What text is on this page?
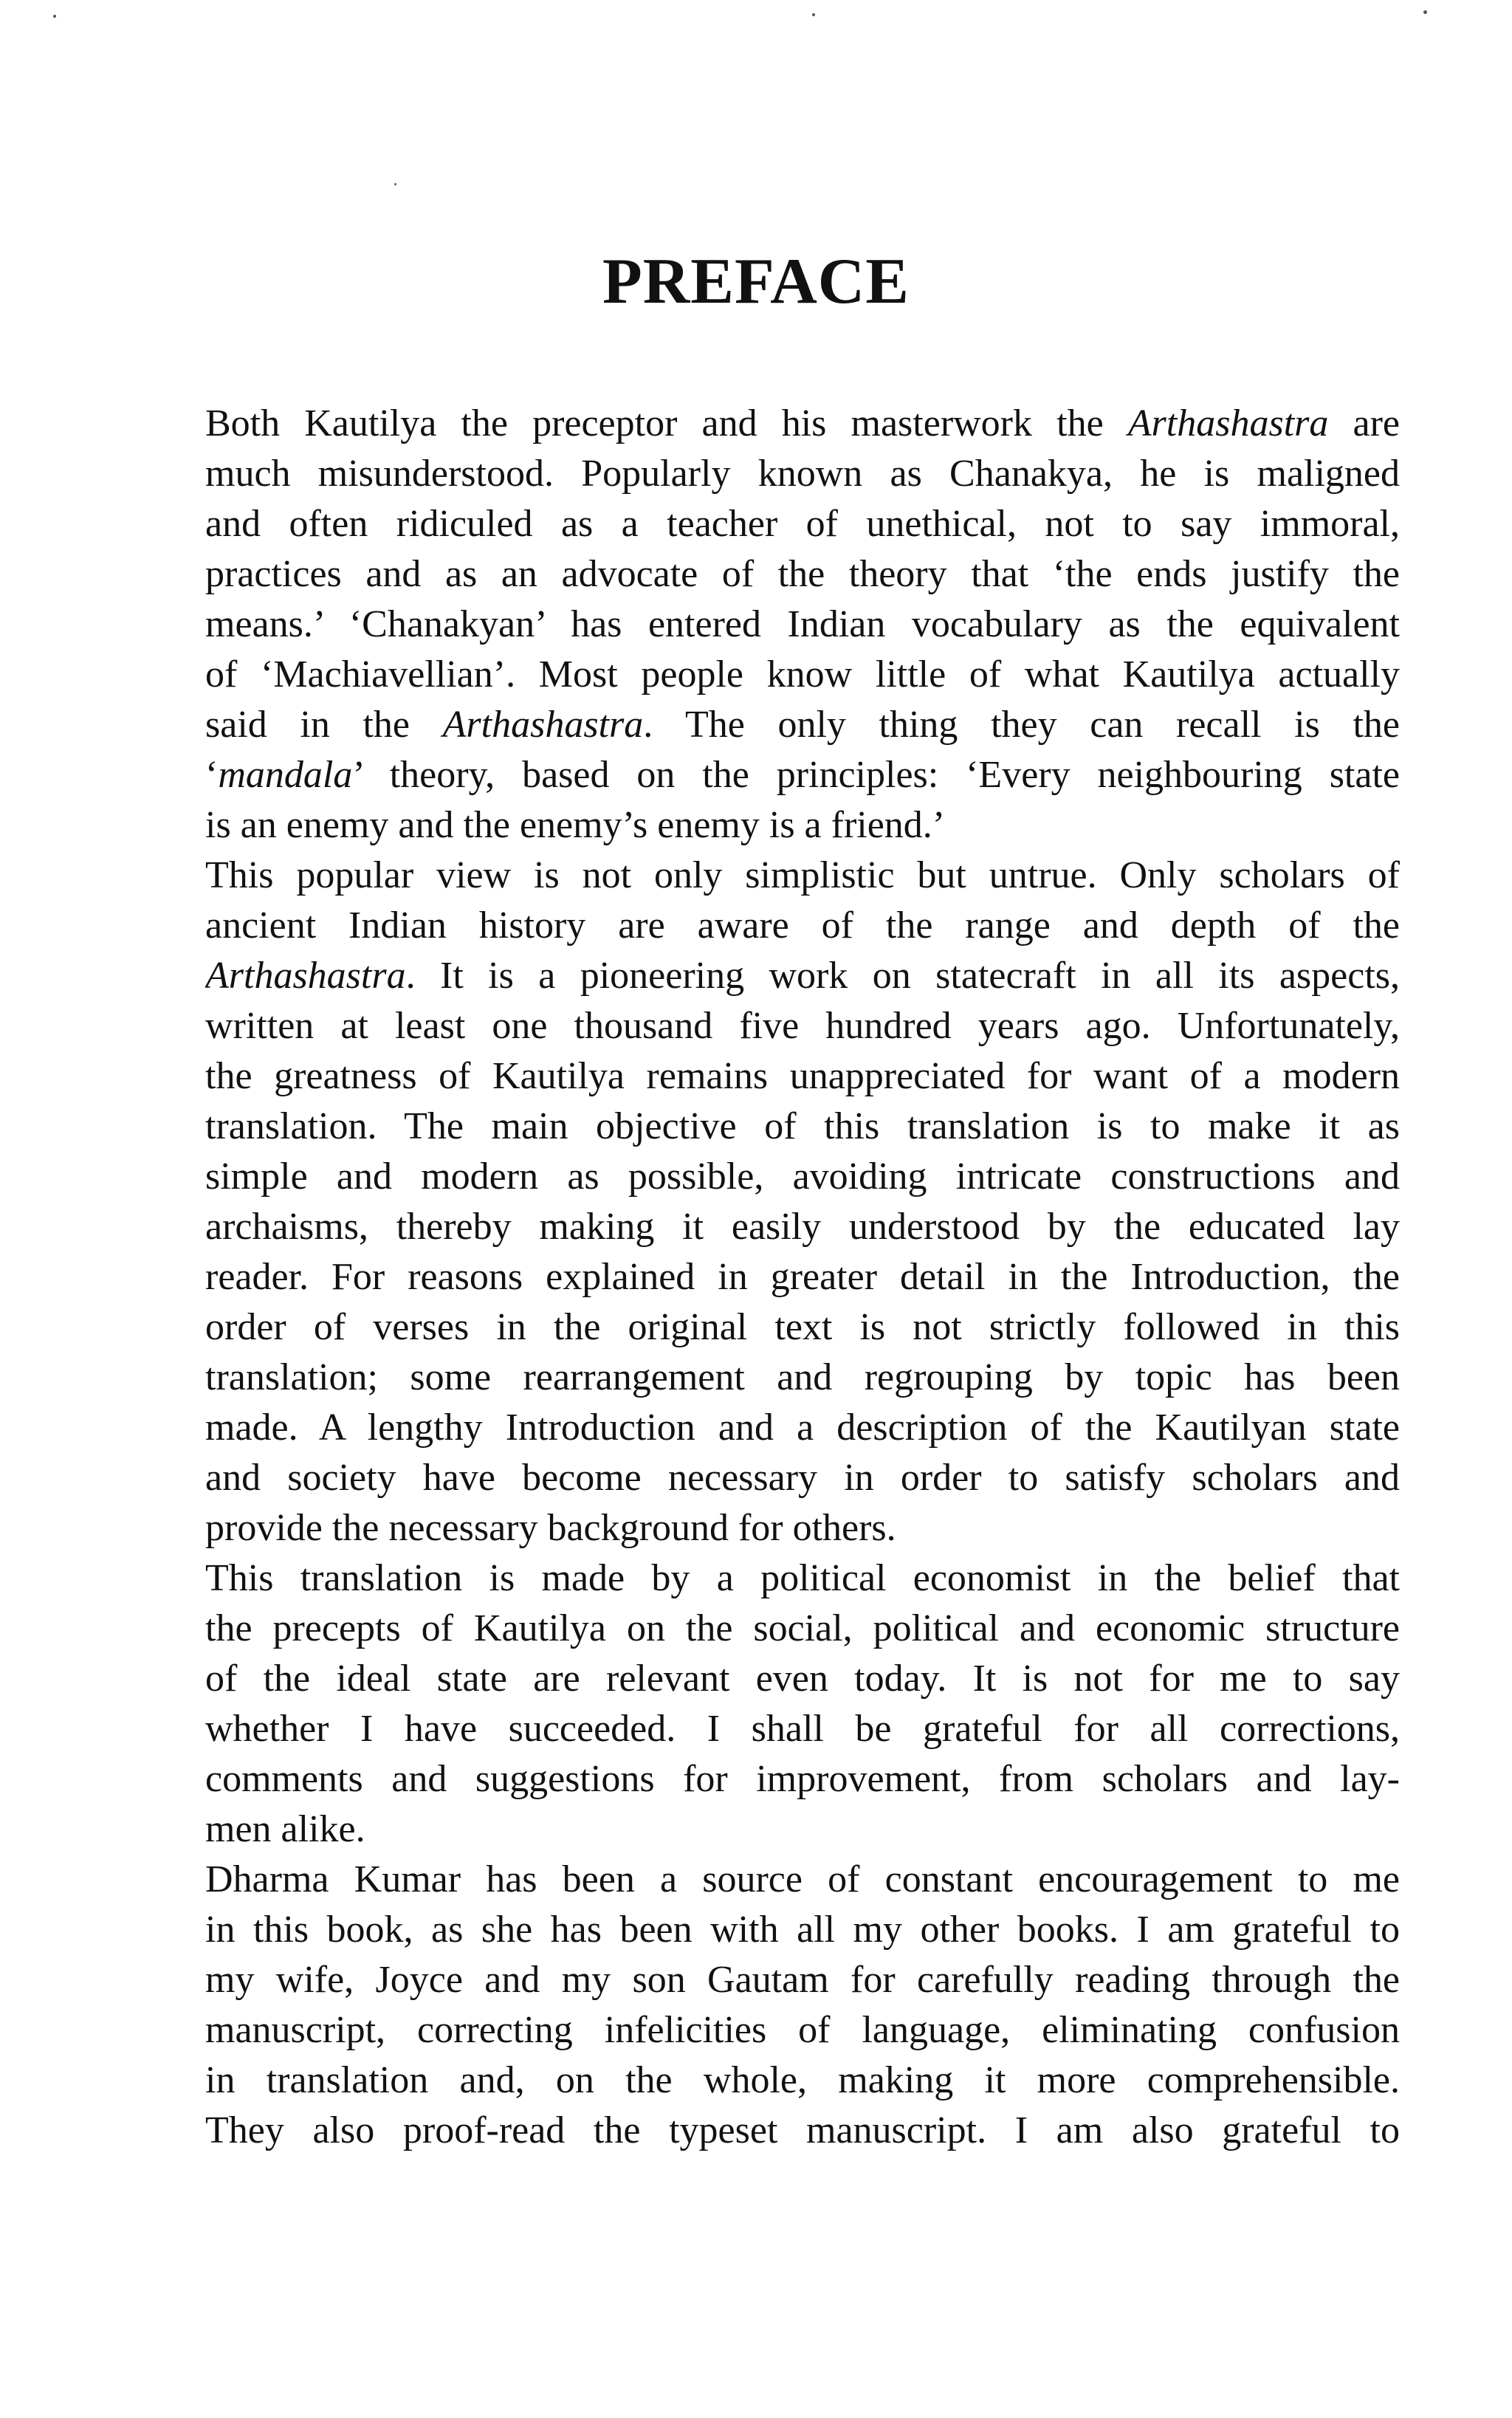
PREFACE

Both Kautilya the preceptor and his masterwork the Arthashastra are
much misunderstood. Popularly known as Chanakya, he is maligned
and often ridiculed as a teacher of unethical, not to say immoral,
practices and as an advocate of the theory that ‘the ends justify the
means.’ ‘Chanakyan’ has entered Indian vocabulary as the equivalent
of ‘Machiavellian’. Most people know little of what Kautilya actually
said in the Arthashastra. The only thing they can recall is the
‘mandala’ theory, based on the principles: ‘Every neighbouring state
is an enemy and the enemy’s enemy is a friend.’

This popular view is not only simplistic but untrue. Only scholars of
ancient Indian history are aware of the range and depth of the
Arthashastra. It is a pioneering work on statecraft in all its aspects,
written at least one thousand five hundred years ago. Unfortunately,
the greatness of Kautilya remains unappreciated for want of a modern
translation. The main objective of this translation is to make it as
simple and modern as possible, avoiding intricate constructions and
archaisms, thereby making it easily understood by the educated lay
reader. For reasons explained in greater detail in the Introduction, the
order of verses in the original text is not strictly followed in this
translation; some rearrangement and regrouping by topic has been
made. A lengthy Introduction and a description of the Kautilyan state
and society have become necessary in order to satisfy scholars and
provide the necessary background for others.

This translation is made by a political economist in the belief that
the precepts of Kautilya on the social, political and economic structure
of the ideal state are relevant even today. It is not for me to say
whether I have succeeded. I shall be grateful for all corrections,
comments and suggestions for improvement, from scholars and lay-
men alike.

Dharma Kumar has been a source of constant encouragement to me
in this book, as she has been with all my other books. I am grateful to
my wife, Joyce and my son Gautam for carefully reading through the
manuscript, correcting infelicities of language, eliminating confusion
in translation and, on the whole, making it more comprehensible.
They also proof-read the typeset manuscript. I am also grateful to
